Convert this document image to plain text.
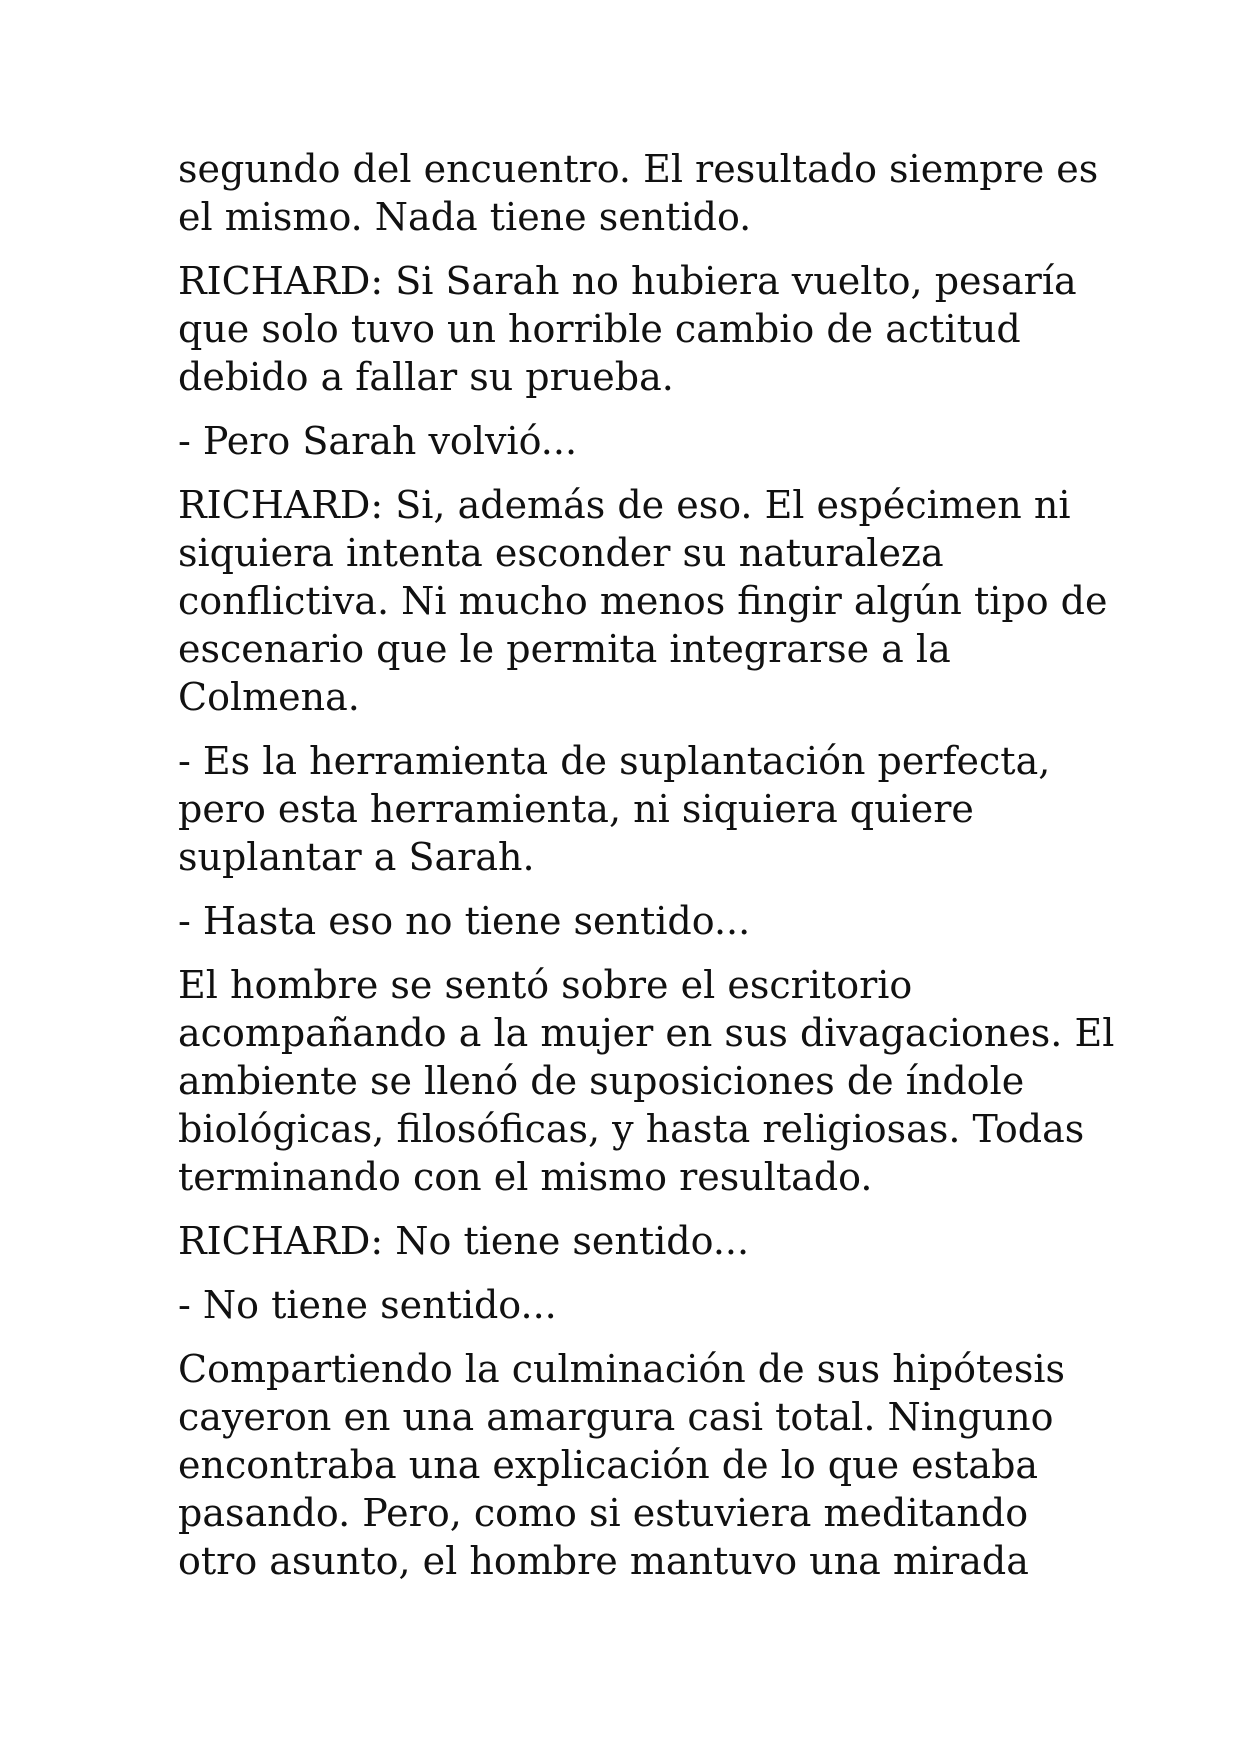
segundo del encuentro. El resultado siempre es
el mismo. Nada tiene sentido.

RICHARD: Si Sarah no hubiera vuelto, pesaría
que solo tuvo un horrible cambio de actitud
debido a fallar su prueba.

- Pero Sarah volvió...

RICHARD: Si, además de eso. El espécimen ni
siquiera intenta esconder su naturaleza
conflictiva. Ni mucho menos fingir algún tipo de
escenario que le permita integrarse a la
Colmena.

- Es la herramienta de suplantación perfecta,
pero esta herramienta, ni siquiera quiere
suplantar a Sarah.

- Hasta eso no tiene sentido...

El hombre se sentó sobre el escritorio
acompañando a la mujer en sus divagaciones. El
ambiente se llenó de suposiciones de índole
biológicas, filosóficas, y hasta religiosas. Todas
terminando con el mismo resultado.

RICHARD: No tiene sentido...

- No tiene sentido...

Compartiendo la culminación de sus hipótesis
cayeron en una amargura casi total. Ninguno
encontraba una explicación de lo que estaba
pasando. Pero, como si estuviera meditando
otro asunto, el hombre mantuvo una mirada
